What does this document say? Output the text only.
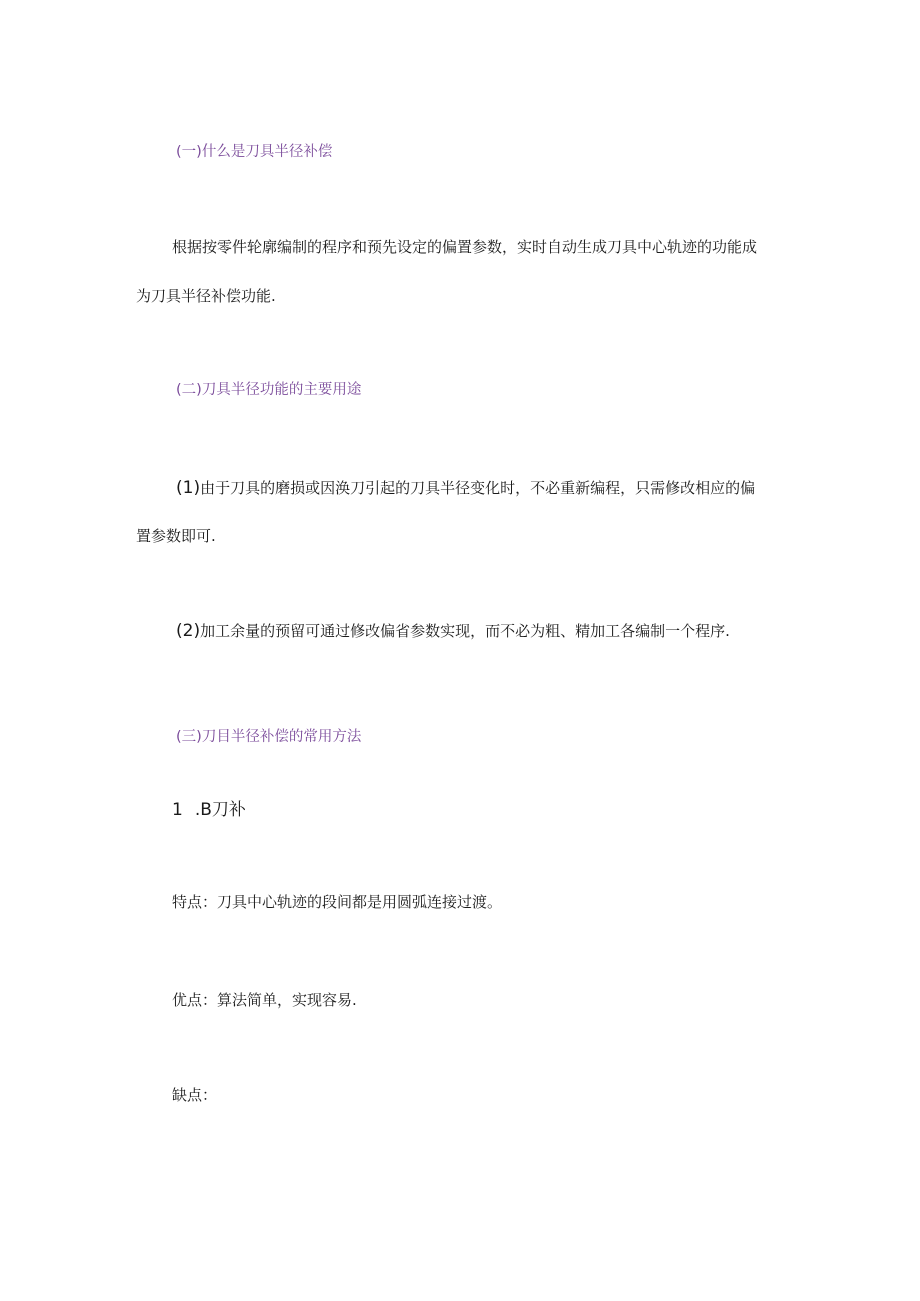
(一)什么是刀具半径补偿
根据按零件轮廓编制的程序和预先设定的偏置参数，实时自动生成刀具中心轨迹的功能成
为刀具半径补偿功能.
(二)刀具半径功能的主要用途
(1)由于刀具的磨损或因涣刀引起的刀具半径变化时，不必重新编程，只需修改相应的偏
置参数即可.
(2)加工余量的预留可通过修改偏省参数实现，而不必为粗、精加工各编制一个程序.
(三)刀目半径补偿的常用方法
1 .B刀补
特点：刀具中心轨迹的段间都是用圆弧连接过渡。
优点：算法简单，实现容易.
缺点：
